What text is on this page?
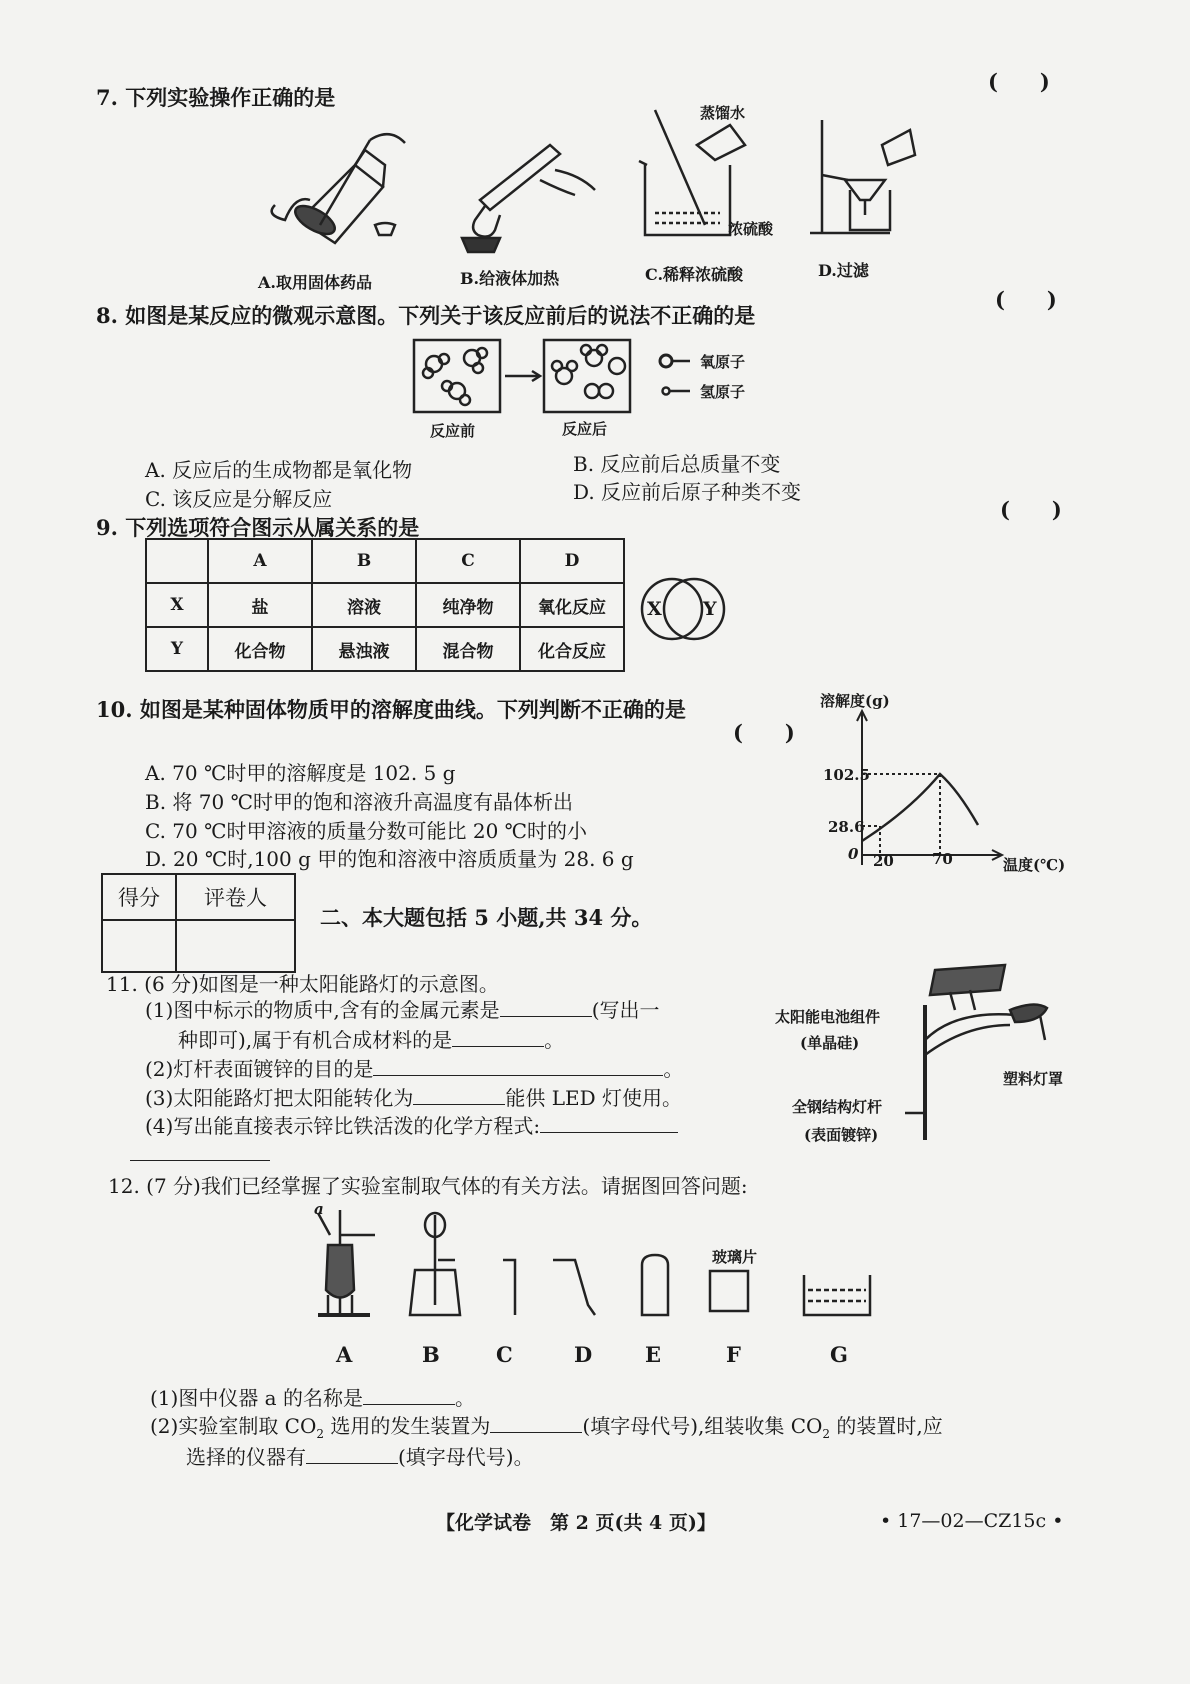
7. 下列实验操作正确的是
(　　)
蒸馏水
浓硫酸
A.取用固体药品	B.给液体加热	C.稀释浓硫酸	D.过滤
8. 如图是某反应的微观示意图。下列关于该反应前后的说法不正确的是
(　　)
氧原子
氢原子
反应前	反应后
A. 反应后的生成物都是氧化物	B. 反应前后总质量不变
C. 该反应是分解反应	D. 反应前后原子种类不变
9. 下列选项符合图示从属关系的是
(　　)
	A	B	C	D
X	盐	溶液	纯净物	氧化反应
Y	化合物	悬浊液	混合物	化合反应
X Y
10. 如图是某种固体物质甲的溶解度曲线。下列判断不正确的是
(　　)
A. 70 ℃时甲的溶解度是 102. 5 g
B. 将 70 ℃时甲的饱和溶液升高温度有晶体析出
C. 70 ℃时甲溶液的质量分数可能比 20 ℃时的小
D. 20 ℃时,100 g 甲的饱和溶液中溶质质量为 28. 6 g
溶解度(g)
102.5
28.6
0 20	70	温度(℃)
得分	评卷人

二、本大题包括 5 小题,共 34 分。
11. (6 分)如图是一种太阳能路灯的示意图。
(1)图中标示的物质中,含有的金属元素是	(写出一
种即可),属于有机合成材料的是	。
(2)灯杆表面镀锌的目的是	。
(3)太阳能路灯把太阳能转化为	能供 LED 灯使用。
(4)写出能直接表示锌比铁活泼的化学方程式:
太阳能电池组件
(单晶硅)
塑料灯罩
全钢结构灯杆
(表面镀锌)
12. (7 分)我们已经掌握了实验室制取气体的有关方法。请据图回答问题:
a
玻璃片
A	B	C	D	E	F	G
(1)图中仪器 a 的名称是	。
(2)实验室制取 $CO_2$ 选用的发生装置为	(填字母代号),组装收集 $CO_2$ 的装置时,应
选择的仪器有	(填字母代号)。
【化学试卷　第 2 页(共 4 页)】	• 17—02—CZ15c •
